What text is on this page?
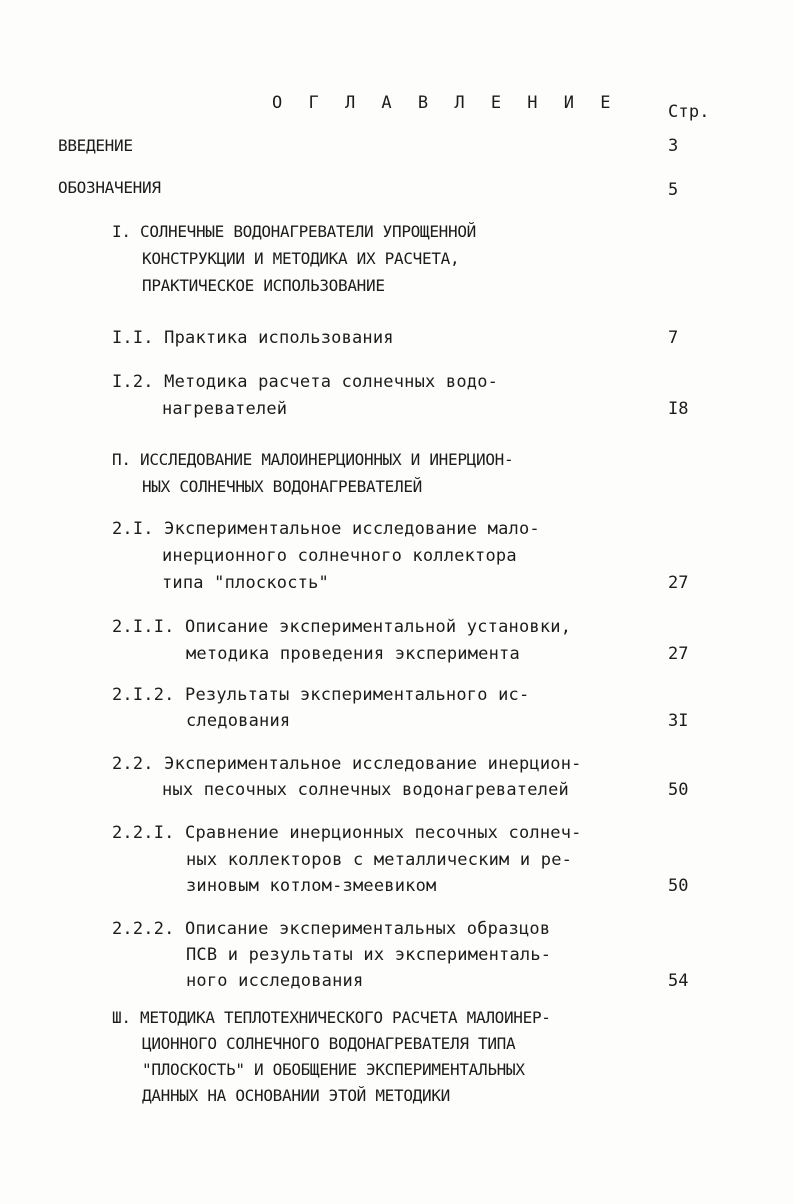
О Г Л А В Л Е Н И Е	Стр.
ВВЕДЕНИЕ	3
ОБОЗНАЧЕНИЯ	5
I. СОЛНЕЧНЫЕ ВОДОНАГРЕВАТЕЛИ УПРОЩЕННОЙ
КОНСТРУКЦИИ И МЕТОДИКА ИХ РАСЧЕТА,
ПРАКТИЧЕСКОЕ ИСПОЛЬЗОВАНИЕ
I.I. Практика использования	7
I.2. Методика расчета солнечных водо-
нагревателей	I8
П. ИССЛЕДОВАНИЕ МАЛОИНЕРЦИОННЫХ И ИНЕРЦИОН-
НЫХ СОЛНЕЧНЫХ ВОДОНАГРЕВАТЕЛЕЙ
2.I. Экспериментальное исследование мало-
инерционного солнечного коллектора
типа "плоскость"	27
2.I.I. Описание экспериментальной установки,
методика проведения эксперимента	27
2.I.2. Результаты экспериментального ис-
следования	3I
2.2. Экспериментальное исследование инерцион-
ных песочных солнечных водонагревателей	50
2.2.I. Сравнение инерционных песочных солнеч-
ных коллекторов с металлическим и ре-
зиновым котлом-змеевиком	50
2.2.2. Описание экспериментальных образцов
ПСВ и результаты их эксперименталь-
ного исследования	54
Ш. МЕТОДИКА ТЕПЛОТЕХНИЧЕСКОГО РАСЧЕТА МАЛОИНЕР-
ЦИОННОГО СОЛНЕЧНОГО ВОДОНАГРЕВАТЕЛЯ ТИПА
"ПЛОСКОСТЬ" И ОБОБЩЕНИЕ ЭКСПЕРИМЕНТАЛЬНЫХ
ДАННЫХ НА ОСНОВАНИИ ЭТОЙ МЕТОДИКИ
